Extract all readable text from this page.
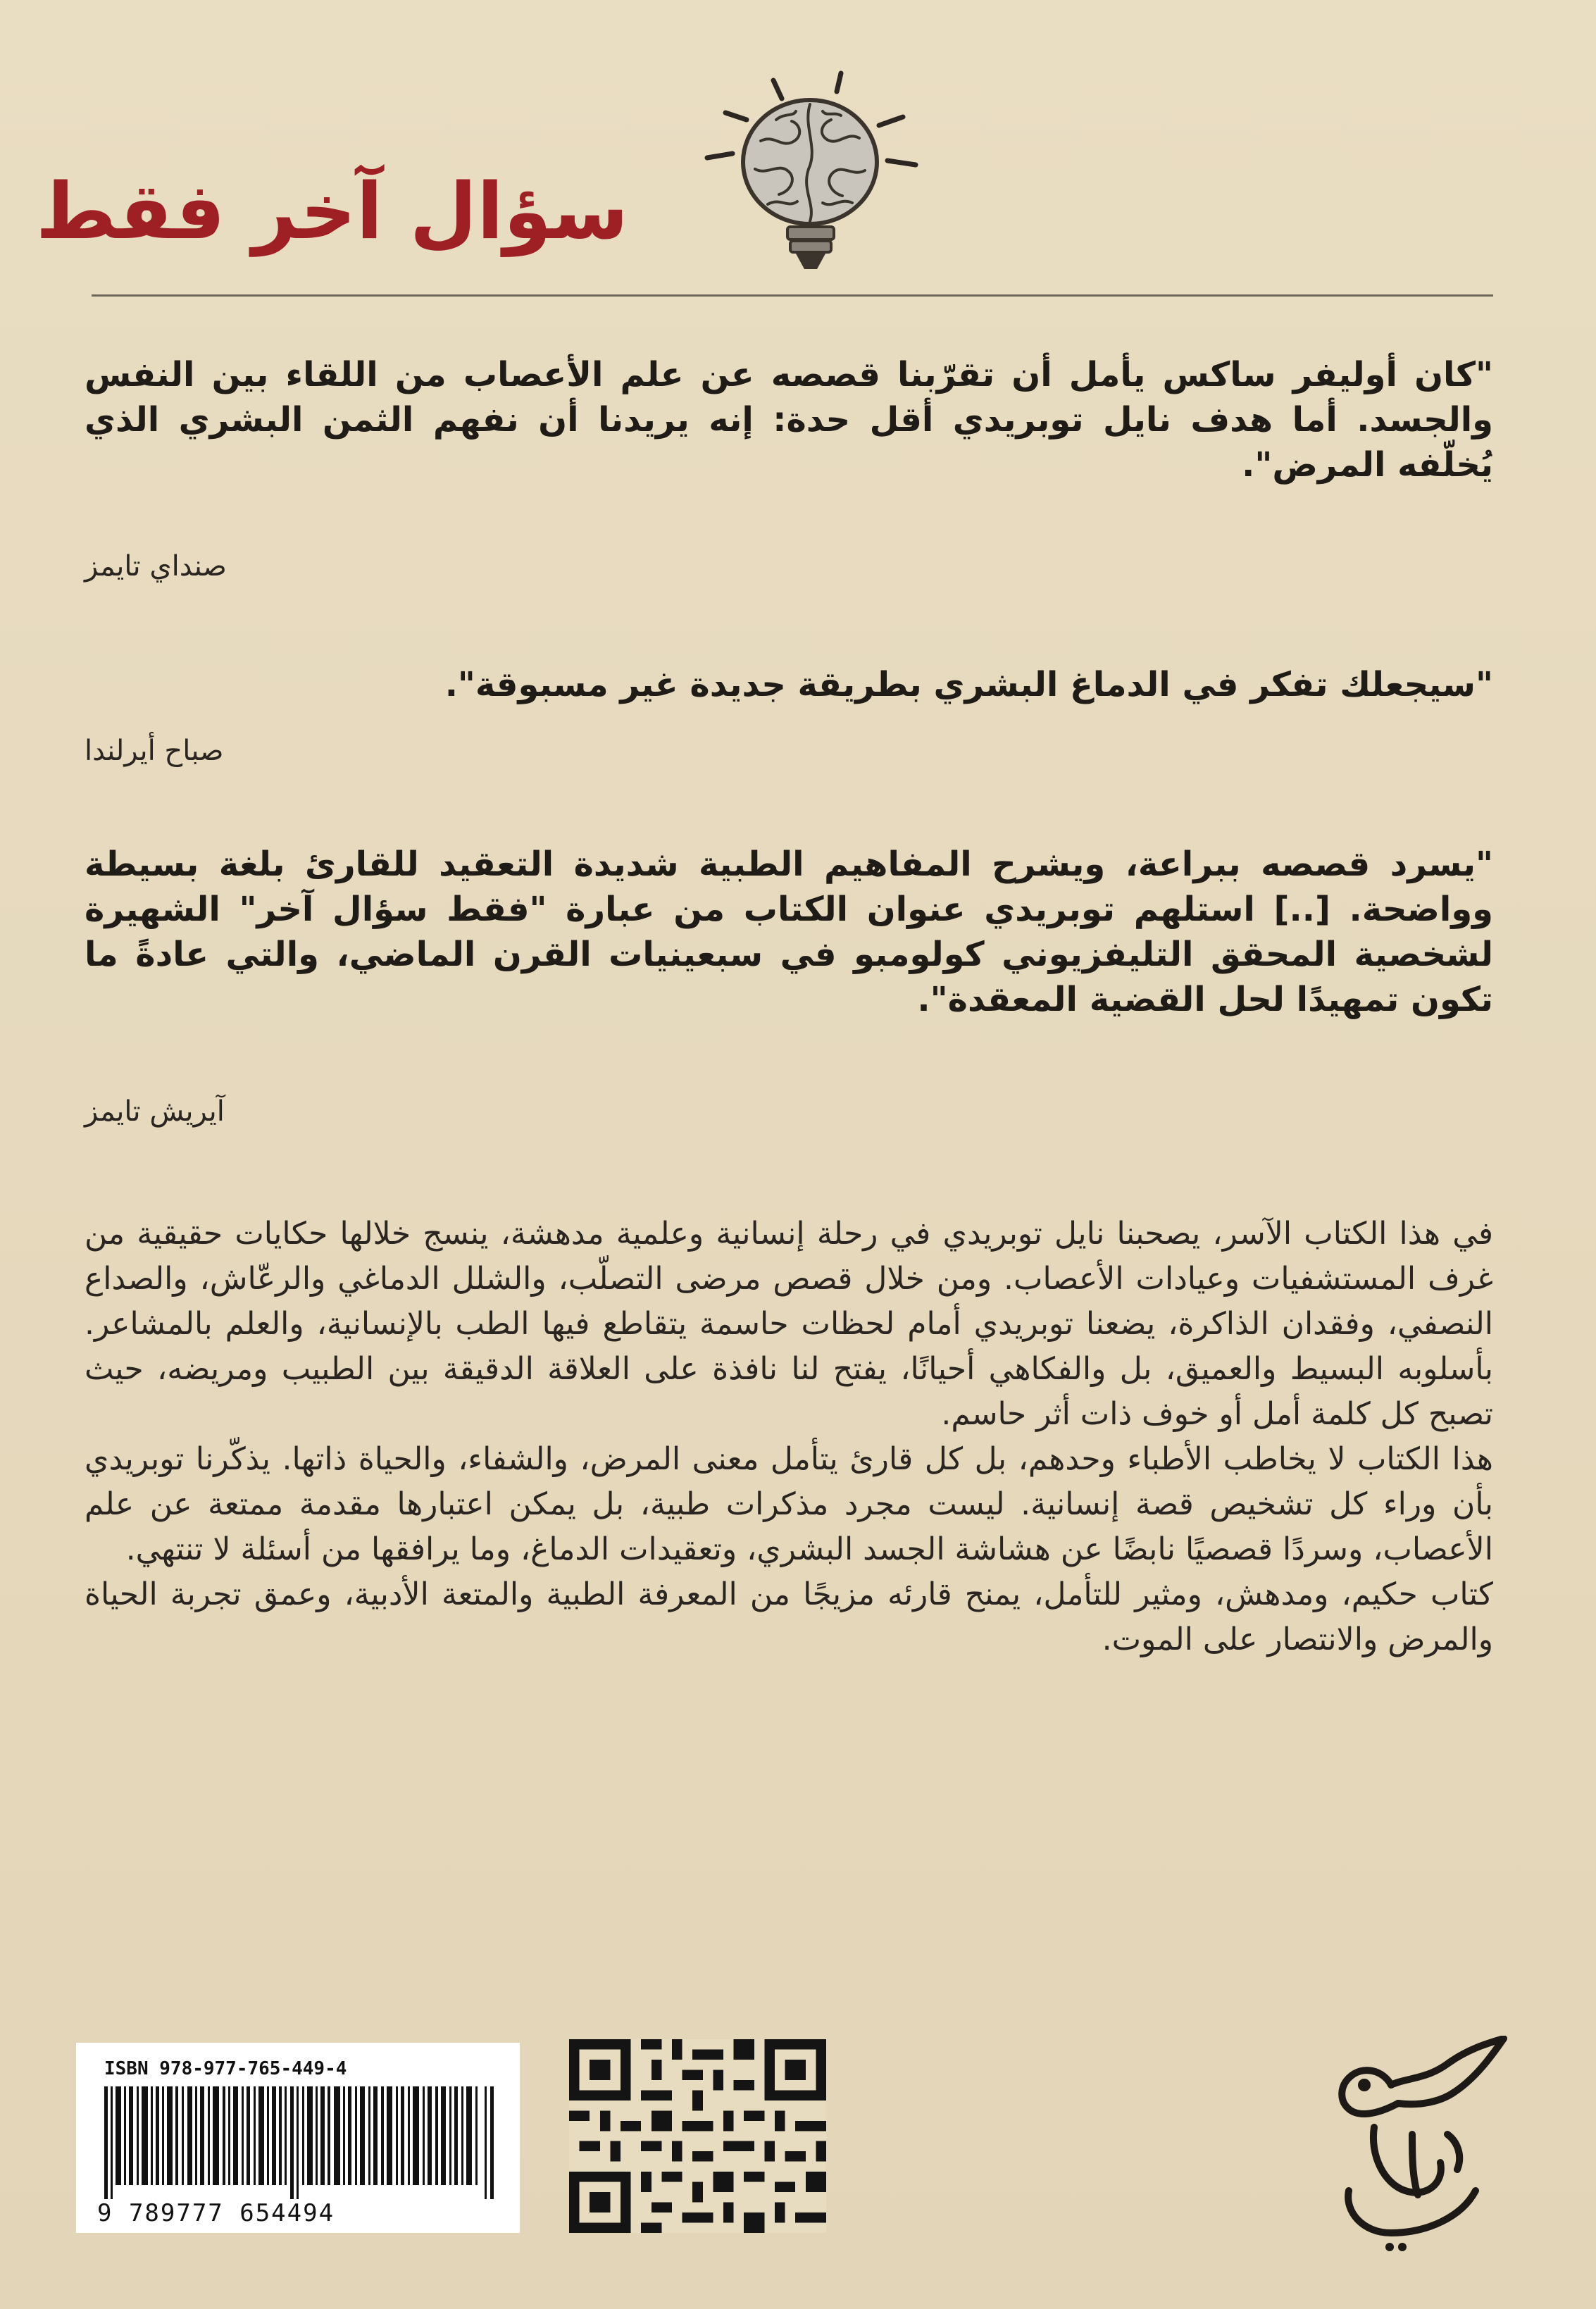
سؤال آخر فقط
"كان أوليفر ساكس يأمل أن تقرّبنا قصصه عن علم الأعصاب من اللقاء بين النفس والجسد. أما هدف نايل توبريدي أقل حدة: إنه يريدنا أن نفهم الثمن البشري الذي يُخلّفه المرض".
صنداي تايمز
"سيجعلك تفكر في الدماغ البشري بطريقة جديدة غير مسبوقة".
صباح أيرلندا
"يسرد قصصه ببراعة، ويشرح المفاهيم الطبية شديدة التعقيد للقارئ بلغة بسيطة وواضحة. [..] استلهم توبريدي عنوان الكتاب من عبارة "فقط سؤال آخر" الشهيرة لشخصية المحقق التليفزيوني كولومبو في سبعينيات القرن الماضي، والتي عادةً ما تكون تمهيدًا لحل القضية المعقدة".
آيريش تايمز

في هذا الكتاب الآسر، يصحبنا نايل توبريدي في رحلة إنسانية وعلمية مدهشة، ينسج خلالها حكايات حقيقية من غرف المستشفيات وعيادات الأعصاب. ومن خلال قصص مرضى التصلّب، والشلل الدماغي والرعّاش، والصداع النصفي، وفقدان الذاكرة، يضعنا توبريدي أمام لحظات حاسمة يتقاطع فيها الطب بالإنسانية، والعلم بالمشاعر. بأسلوبه البسيط والعميق، بل والفكاهي أحيانًا، يفتح لنا نافذة على العلاقة الدقيقة بين الطبيب ومريضه، حيث تصبح كل كلمة أمل أو خوف ذات أثر حاسم.

هذا الكتاب لا يخاطب الأطباء وحدهم، بل كل قارئ يتأمل معنى المرض، والشفاء، والحياة ذاتها. يذكّرنا توبريدي بأن وراء كل تشخيص قصة إنسانية. ليست مجرد مذكرات طبية، بل يمكن اعتبارها مقدمة ممتعة عن علم الأعصاب، وسردًا قصصيًا نابضًا عن هشاشة الجسد البشري، وتعقيدات الدماغ، وما يرافقها من أسئلة لا تنتهي.

كتاب حكيم، ومدهش، ومثير للتأمل، يمنح قارئه مزيجًا من المعرفة الطبية والمتعة الأدبية، وعمق تجربة الحياة والمرض والانتصار على الموت.

ISBN 978-977-765-449-4
9 789777 654494
